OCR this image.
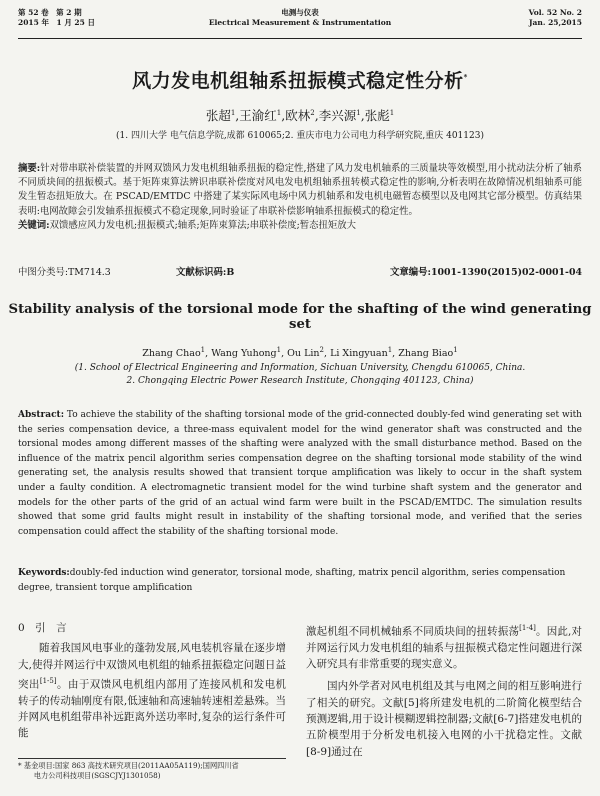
第 52 卷　第 2 期
2015 年　1 月 25 日
电测与仪表
Electrical Measurement & Instrumentation
Vol. 52 No. 2
Jan. 25,2015
风力发电机组轴系扭振模式稳定性分析*
张超$^1$,王渝红$^1$,欧林$^2$,李兴源$^1$,张彪$^1$
(1. 四川大学 电气信息学院,成都 610065;2. 重庆市电力公司电力科学研究院,重庆 401123)
摘要:针对带串联补偿装置的并网双馈风力发电机组轴系扭振的稳定性,搭建了风力发电机轴系的三质量块等效模型,用小扰动法分析了轴系不同质块间的扭振模式。基于矩阵束算法辨识串联补偿度对风电发电机组轴系扭转模式稳定性的影响,分析表明在故障情况机组轴系可能发生暂态扭矩放大。在 PSCAD/EMTDC 中搭建了某实际风电场中风力机轴系和发电机电磁暂态模型以及电网其它部分模型。仿真结果表明:电网故障会引发轴系扭振模式不稳定现象,同时验证了串联补偿影响轴系扭振模式的稳定性。
关键词:双馈感应风力发电机;扭振模式;轴系;矩阵束算法;串联补偿度;暂态扭矩放大
中图分类号:TM714.3	文献标识码:B	文章编号:1001-1390(2015)02-0001-04
Stability analysis of the torsional mode for the shafting of the wind generating set
Zhang Chao$^1$, Wang Yuhong$^1$, Ou Lin$^2$, Li Xingyuan$^1$, Zhang Biao$^1$
(1. School of Electrical Engineering and Information, Sichuan University, Chengdu 610065, China.
2. Chongqing Electric Power Research Institute, Chongqing 401123, China)
Abstract: To achieve the stability of the shafting torsional mode of the grid-connected doubly-fed wind generating set with the series compensation device, a three-mass equivalent model for the wind generator shaft was constructed and the torsional modes among different masses of the shafting were analyzed with the small disturbance method. Based on the influence of the matrix pencil algorithm series compensation degree on the shafting torsional mode stability of the wind generating set, the analysis results showed that transient torque amplification was likely to occur in the shaft system under a faulty condition. A electromagnetic transient model for the wind turbine shaft system and the generator and models for the other parts of the grid of an actual wind farm were built in the PSCAD/EMTDC. The simulation results showed that some grid faults might result in instability of the shafting torsional mode, and verified that the series compensation could affect the stability of the shafting torsional mode.
Keywords:doubly-fed induction wind generator, torsional mode, shafting, matrix pencil algorithm, series compensation degree, transient torque amplification
0　引　言
随着我国风电事业的蓬勃发展,风电装机容量在逐步增大,使得并网运行中双馈风电机组的轴系扭振稳定问题日益突出[1-5]。由于双馈风电机组内部用了连接风机和发电机转子的传动轴刚度有限,低速轴和高速轴转速相差悬殊。当并网风电机组带串补远距离外送功率时,复杂的运行条件可能
激起机组不同机械轴系不同质块间的扭转振荡[1-4]。因此,对并网运行风力发电机组的轴系与扭振模式稳定性问题进行深入研究具有非常重要的现实意义。
国内外学者对风电机组及其与电网之间的相互影响进行了相关的研究。文献[5]将所建发电机的二阶简化模型结合预测逻辑,用于设计模糊逻辑控制器;文献[6-7]搭建发电机的五阶模型用于分析发电机接入电网的小干扰稳定性。文献[8-9]通过在
* 基金项目:国家 863 高技术研究项目(2011AA05A119);国网四川省
电力公司科技项目(SGSCJYJ1301058)
